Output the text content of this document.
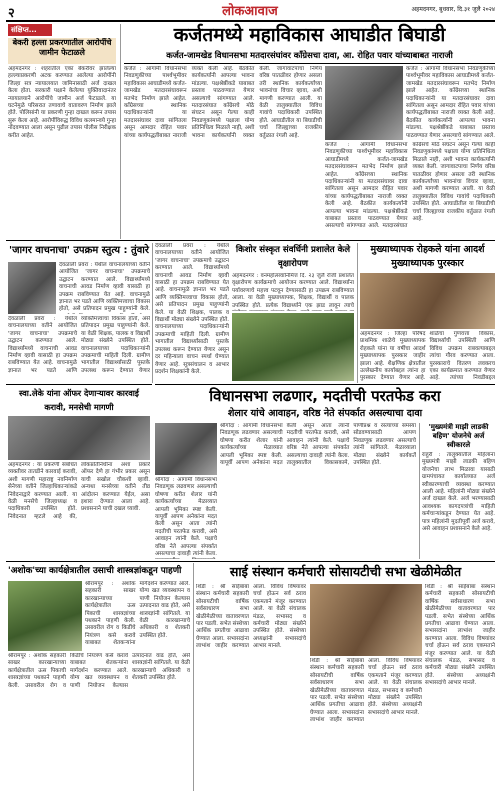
२	लोकआवाज	अहमदनगर, बुधवार, दि.३१ जुलै २०२४
संक्षिप्त...
बेकरी हल्ला प्रकरणातील आरोपींचे जामीन फेटाळले
अहमदनगर : शहरातील एका बेकरीवर झालेल्या हल्ल्याप्रकरणी अटक करण्यात आलेल्या आरोपींनी जिल्हा सत्र न्यायालयात जामिनासाठी अर्ज दाखल केला होता. सरकारी पक्षाने केलेल्या युक्तिवादानंतर न्यायालयाने आरोपींचे जामीन अर्ज फेटाळले. या घटनेमुळे परिसरात तणावाचे वातावरण निर्माण झाले होते. पोलिसांनी या प्रकरणी गुन्हा दाखल करून तपास सुरू केला आहे. आरोपींविरुद्ध विविध कलमान्वये गुन्हा नोंदवण्यात आला असून पुढील तपास पोलीस निरीक्षक करीत आहेत.
कर्जतमध्ये महाविकास आघाडीत बिघाडी
कर्जत-जामखेड विधानसभा मतदारसंघांवर काँग्रेसचा दावा, आ. रोहित पवार यांच्याबाबत नाराजी
कर्जत : आगामी विधानसभा निवडणुकीच्या पार्श्वभूमीवर महाविकास आघाडीमध्ये कर्जत-जामखेड मतदारसंघावरून मतभेद निर्माण झाले आहेत. काँग्रेसच्या स्थानिक पदाधिकाऱ्यांनी या मतदारसंघावर दावा सांगितला असून आमदार रोहित पवार यांच्या कार्यपद्धतीबाबत नाराजी व्यक्त केली आहे. बैठकीत कार्यकर्त्यांनी आपल्या भावना मांडल्या. पक्षश्रेष्ठींकडे याबाबत प्रस्ताव पाठवण्यात येणार असल्याचे सांगण्यात आले. मतदारसंघात काँग्रेसचे मोठे संघटन असून गेल्या काही निवडणुकांमध्ये पक्षाला योग्य प्रतिनिधित्व मिळाले नाही, अशी भावना कार्यकर्त्यांनी व्यक्त केली. जागावाटपाचा निर्णय वरिष्ठ पातळीवर होणार असला तरी स्थानिक कार्यकर्त्यांच्या भावनांचा विचार व्हावा, अशी मागणी करण्यात आली. या वेळी तालुक्यातील विविध गावांचे पदाधिकारी उपस्थित होते. आघाडीतील या बिघाडीची चर्चा जिल्ह्याच्या राजकीय वर्तुळात रंगली आहे.
कर्जत : आगामी विधानसभा निवडणुकीच्या पार्श्वभूमीवर महाविकास आघाडीमध्ये कर्जत-जामखेड मतदारसंघावरून मतभेद निर्माण झाले आहेत. काँग्रेसच्या स्थानिक पदाधिकाऱ्यांनी या मतदारसंघावर दावा सांगितला असून आमदार रोहित पवार यांच्या कार्यपद्धतीबाबत नाराजी व्यक्त केली आहे. बैठकीत कार्यकर्त्यांनी आपल्या भावना मांडल्या. पक्षश्रेष्ठींकडे याबाबत प्रस्ताव पाठवण्यात येणार असल्याचे सांगण्यात आले. मतदारसंघात काँग्रेसचे मोठे संघटन असून गेल्या काही निवडणुकांमध्ये पक्षाला योग्य प्रतिनिधित्व मिळाले नाही, अशी भावना कार्यकर्त्यांनी व्यक्त केली. जागावाटपाचा निर्णय वरिष्ठ पातळीवर होणार असला तरी स्थानिक कार्यकर्त्यांच्या भावनांचा विचार व्हावा, अशी मागणी करण्यात आली. या वेळी तालुक्यातील विविध गावांचे पदाधिकारी उपस्थित होते. आघाडीतील या बिघाडीची चर्चा जिल्ह्याच्या राजकीय वर्तुळात रंगली आहे.
कर्जत : आगामी विधानसभा निवडणुकीच्या पार्श्वभूमीवर महाविकास आघाडीमध्ये कर्जत-जामखेड मतदारसंघावरून मतभेद निर्माण झाले आहेत. काँग्रेसच्या स्थानिक पदाधिकाऱ्यांनी या मतदारसंघावर दावा सांगितला असून आमदार रोहित पवार यांच्या कार्यपद्धतीबाबत नाराजी व्यक्त केली आहे. बैठकीत कार्यकर्त्यांनी आपल्या भावना मांडल्या. पक्षश्रेष्ठींकडे याबाबत प्रस्ताव पाठवण्यात येणार असल्याचे सांगण्यात आले.
'जागर वाचनाचा' उपक्रम स्तुत्य : तुंवारे
देवळाली प्रवरा : येथील वाचनालयाच्या वतीने आयोजित 'जागर वाचनाचा' उपक्रमाचे उद्घाटन करण्यात आले. विद्यार्थ्यांमध्ये वाचनाची आवड निर्माण व्हावी यासाठी हा उपक्रम राबविण्यात येत आहे. वाचनामुळे ज्ञानात भर पडते आणि व्यक्तिमत्त्वाचा विकास होतो, असे प्रतिपादन प्रमुख पाहुण्यांनी केले.
देवळाली प्रवरा : येथील वाचनालयाच्या वतीने आयोजित 'जागर वाचनाचा' उपक्रमाचे उद्घाटन करण्यात आले. विद्यार्थ्यांमध्ये वाचनाची आवड निर्माण व्हावी यासाठी हा उपक्रम राबविण्यात येत आहे. वाचनामुळे ज्ञानात भर पडते आणि व्यक्तिमत्त्वाचा विकास होतो, असे प्रतिपादन प्रमुख पाहुण्यांनी केले. या वेळी शिक्षक, पालक व विद्यार्थी मोठ्या संख्येने उपस्थित होते. वाचनालयाच्या पदाधिकाऱ्यांनी उपक्रमाची माहिती दिली. ग्रामीण भागातील विद्यार्थ्यांसाठी पुस्तके उपलब्ध करून देण्यात येणार
किशोर संस्कृत संवर्धिनी प्रशालेत केले वृक्षारोपण
देवळाली प्रवरा : येथील वाचनालयाच्या वतीने आयोजित 'जागर वाचनाचा' उपक्रमाचे उद्घाटन करण्यात आले. विद्यार्थ्यांमध्ये वाचनाची आवड निर्माण व्हावी यासाठी हा उपक्रम राबविण्यात येत आहे. वाचनामुळे ज्ञानात भर पडते आणि व्यक्तिमत्त्वाचा विकास होतो, असे प्रतिपादन प्रमुख पाहुण्यांनी केले. या वेळी शिक्षक, पालक व विद्यार्थी मोठ्या संख्येने उपस्थित होते. वाचनालयाच्या पदाधिकाऱ्यांनी उपक्रमाची माहिती दिली. ग्रामीण भागातील विद्यार्थ्यांसाठी पुस्तके उपलब्ध करून देण्यात येणार असून दर महिन्याला वाचन स्पर्धा घेण्यात येणार आहे. सूत्रसंचालन व आभार प्रदर्शन शिक्षकांनी केले.
अहमदनगर : वनमहोत्सवानिमित्त दि. २३ जुलै रोजी प्रशालेत वृक्षारोपण कार्यक्रमाचे आयोजन करण्यात आले. विद्यार्थ्यांना पर्यावरणाचे महत्त्व पटवून देण्यासाठी हा उपक्रम राबविण्यात आला. या वेळी मुख्याध्यापक, शिक्षक, विद्यार्थी व पालक उपस्थित होते. प्रत्येक विद्यार्थ्याने एक झाड लावून त्याचे
मुख्याध्यापक रोहकले यांना आदर्श मुख्याध्यापक पुरस्कार
अहमदनगर : जिल्हा परिषद प्राथमिक शाळेचे मुख्याध्यापक रोहकले यांना या वर्षीचा आदर्श मुख्याध्यापक पुरस्कार जाहीर झाला आहे. शैक्षणिक क्षेत्रातील उल्लेखनीय कार्याबद्दल त्यांना हा पुरस्कार देण्यात येणार आहे. शाळेचा गुणवत्ता विकास, विद्यार्थ्यांची उपस्थिती आणि विविध उपक्रम राबवल्याबद्दल त्यांचा गौरव करण्यात आला. पुरस्काराचे वितरण लवकरच एका कार्यक्रमात करण्यात येणार आहे. त्यांच्या निवडीबद्दल
स्वा.लेके यांना ऑफर देणाऱ्यावर कारवाई करावी, मनसेची मागणी
अहमदनगर : या प्रकरणी संबंधित व्यक्तीवर तातडीने कारवाई करावी, अशी मागणी महाराष्ट्र नवनिर्माण सेनेच्या वतीने जिल्हाधिकाऱ्यांकडे निवेदनाद्वारे करण्यात आली. या वेळी मनसेचे जिल्हाध्यक्ष व पदाधिकारी उपस्थित होते. निवेदनात म्हटले आहे की, लोकप्रतिनिधींना अशा प्रकारे ऑफर देणे हा गंभीर प्रकार असून याची सखोल चौकशी व्हावी. अन्यथा मनसेच्या वतीने तीव्र आंदोलन करण्यात येईल, असा इशारा देण्यात आला आहे. प्रशासनाने याची दखल घ्यावी.
विधानसभा लढणार, मदतीची परतफेड करा
शेलार यांचे आवाहन, वरिष्ठ नेते संपर्कात असल्याचा दावा
श्रीगोंदा : आगामी विधानसभा निवडणूक लढवणार असल्याची घोषणा करीत शेलार यांनी कार्यकर्त्यांच्या मेळाव्यात आपली भूमिका स्पष्ट केली. यापूर्वी आपण अनेकांना मदत केली असून आता त्यांनी मदतीची परतफेड करावी, असे आवाहन त्यांनी केले. पक्षाचे वरिष्ठ नेते आपल्या संपर्कात असल्याचा दावाही त्यांनी केला. तालुक्यातील विकासकामे, पाणीप्रश्न व रस्त्यांच्या समस्या सोडवण्यासाठी आपण निवडणूक लढवणार असल्याचे त्यांनी सांगितले. मेळाव्याला मोठ्या संख्येने कार्यकर्ते उपस्थित होते.
श्रीगोंदा : आगामी विधानसभा निवडणूक लढवणार असल्याची घोषणा करीत शेलार यांनी कार्यकर्त्यांच्या मेळाव्यात आपली भूमिका स्पष्ट केली. यापूर्वी आपण अनेकांना मदत केली असून आता त्यांनी मदतीची परतफेड करावी, असे आवाहन त्यांनी केले. पक्षाचे वरिष्ठ नेते आपल्या संपर्कात असल्याचा दावाही त्यांनी केला.
'मुख्यमंत्री माझी लाडकी बहिण' योजनेचे अर्ज स्वीकारले
राहुरी : तालुक्यातील महिलांना मुख्यमंत्री माझी लाडकी बहिण योजनेचा लाभ मिळावा यासाठी ग्रामपंचायत कार्यालयात अर्ज स्वीकारण्याची व्यवस्था करण्यात आली आहे. महिलांनी मोठ्या संख्येने अर्ज दाखल केले. अर्ज भरण्यासाठी आवश्यक कागदपत्रांची माहिती कर्मचाऱ्यांकडून देण्यात येत आहे. पात्र महिलांनी मुदतीपूर्वी अर्ज करावे, असे आवाहन प्रशासनाने केले आहे.
'अशोक'च्या कार्यक्षेत्रातील उसाची शास्त्रज्ञांकडून पाहणी
श्रीरामपूर : अशोक सहकारी साखर कारखान्याच्या कार्यक्षेत्रातील ऊस पिकाची शास्त्रज्ञांच्या पथकाने पाहणी केली. उसावरील रोग व किडींचे नियंत्रण कसे करावे याबाबत शेतकऱ्यांना मार्गदर्शन करण्यात आले. योग्य खत व्यवस्थापन व पाणी नियोजन केल्यास उत्पादनात वाढ होते, असे शास्त्रज्ञांनी सांगितले. या वेळी कारखान्याचे अधिकारी व शेतकरी उपस्थित होते.
श्रीरामपूर : अशोक सहकारी साखर कारखान्याच्या कार्यक्षेत्रातील ऊस पिकाची शास्त्रज्ञांच्या पथकाने पाहणी केली. उसावरील रोग व किडींचे नियंत्रण कसे करावे याबाबत शेतकऱ्यांना मार्गदर्शन करण्यात आले. योग्य खत व्यवस्थापन व पाणी नियोजन केल्यास उत्पादनात वाढ होते, असे शास्त्रज्ञांनी सांगितले. या वेळी कारखान्याचे अधिकारी व शेतकरी उपस्थित होते.
साई संस्थान कर्मचारी सोसायटीची सभा खेळीमेळीत
शिर्डी : श्री साईबाबा संस्थान कर्मचारी सहकारी सोसायटीची वार्षिक सर्वसाधारण सभा खेळीमेळीच्या वातावरणात पार पडली. सभेत संस्थेच्या आर्थिक प्रगतीचा आढावा घेण्यात आला. सभासदांना लाभांश जाहीर करण्यात आला. विविध विषयांवर चर्चा होऊन सर्व ठराव एकमताने मंजूर करण्यात आले. या वेळी संचालक मंडळ, सभासद व कर्मचारी मोठ्या संख्येने उपस्थित होते. संस्थेच्या अध्यक्षांनी सभासदांचे आभार मानले.
शिर्डी : श्री साईबाबा संस्थान कर्मचारी सहकारी सोसायटीची वार्षिक सर्वसाधारण सभा खेळीमेळीच्या वातावरणात पार पडली. सभेत संस्थेच्या आर्थिक प्रगतीचा आढावा घेण्यात आला. सभासदांना लाभांश जाहीर करण्यात आला. विविध विषयांवर चर्चा होऊन सर्व ठराव एकमताने मंजूर करण्यात आले. या वेळी संचालक मंडळ, सभासद व कर्मचारी मोठ्या संख्येने उपस्थित होते. संस्थेच्या अध्यक्षांनी सभासदांचे आभार मानले.
शिर्डी : श्री साईबाबा संस्थान कर्मचारी सहकारी सोसायटीची वार्षिक सर्वसाधारण सभा खेळीमेळीच्या वातावरणात पार पडली. सभेत संस्थेच्या आर्थिक प्रगतीचा आढावा घेण्यात आला. सभासदांना लाभांश जाहीर करण्यात आला. विविध विषयांवर चर्चा होऊन सर्व ठराव एकमताने मंजूर करण्यात आले. या वेळी संचालक मंडळ, सभासद व कर्मचारी मोठ्या संख्येने उपस्थित होते. संस्थेच्या अध्यक्षांनी सभासदांचे आभार मानले.
